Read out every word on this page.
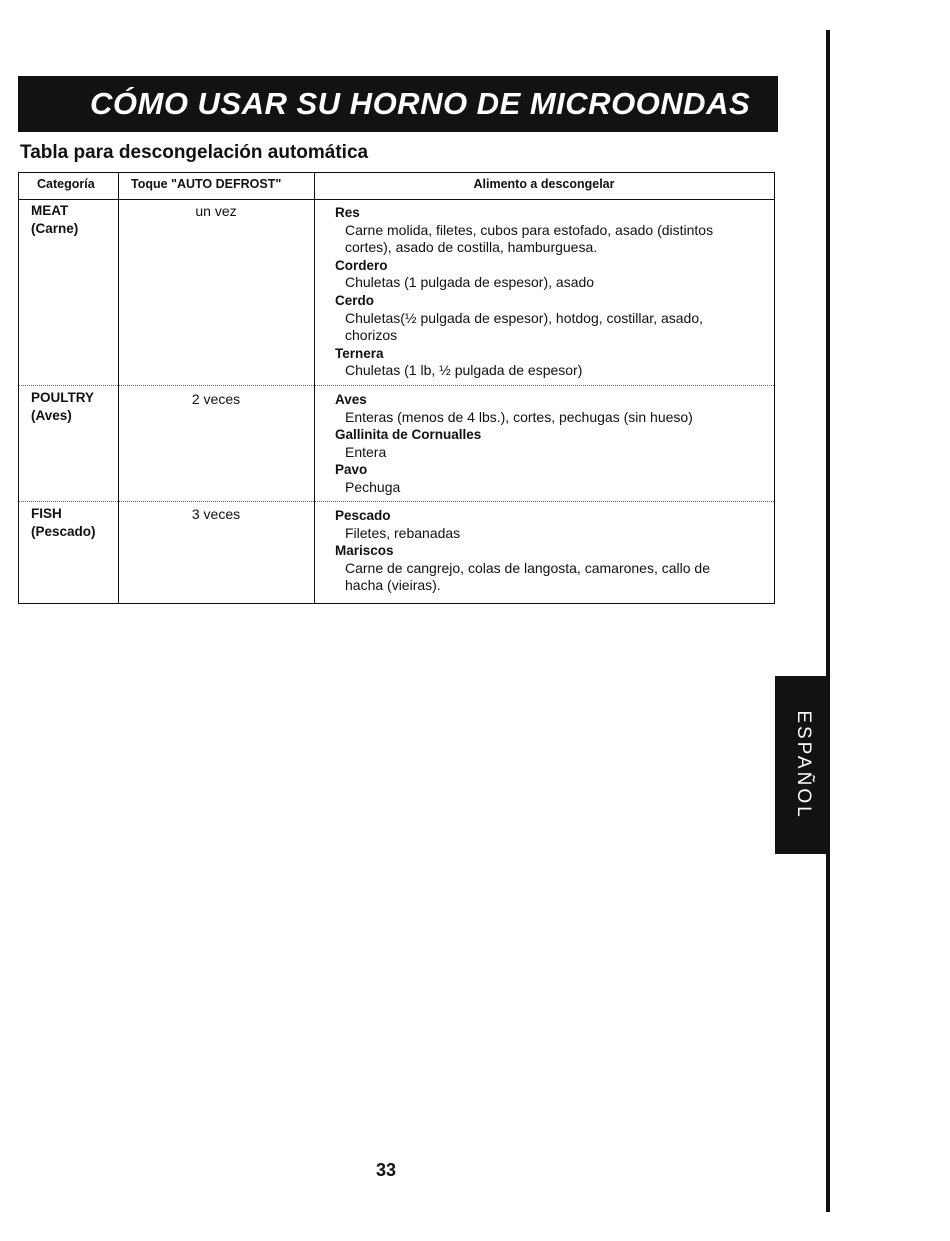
CÓMO USAR SU HORNO DE MICROONDAS
Tabla para descongelación automática
Categoría	Toque "AUTO DEFROST"	Alimento a descongelar
MEAT
(Carne)
un vez	Res
Carne molida, filetes, cubos para estofado, asado (distintos
cortes), asado de costilla, hamburguesa.
Cordero
Chuletas (1 pulgada de espesor), asado
Cerdo
Chuletas(½ pulgada de espesor), hotdog, costillar, asado,
chorizos
Ternera
Chuletas (1 lb, ½ pulgada de espesor)
POULTRY
(Aves)
2 veces	Aves
Enteras (menos de 4 lbs.), cortes, pechugas (sin hueso)
Gallinita de Cornualles
Entera
Pavo
Pechuga
FISH
(Pescado)
3 veces	Pescado
Filetes, rebanadas
Mariscos
Carne de cangrejo, colas de langosta, camarones, callo de
hacha (vieiras).
ESPAÑOL
33
